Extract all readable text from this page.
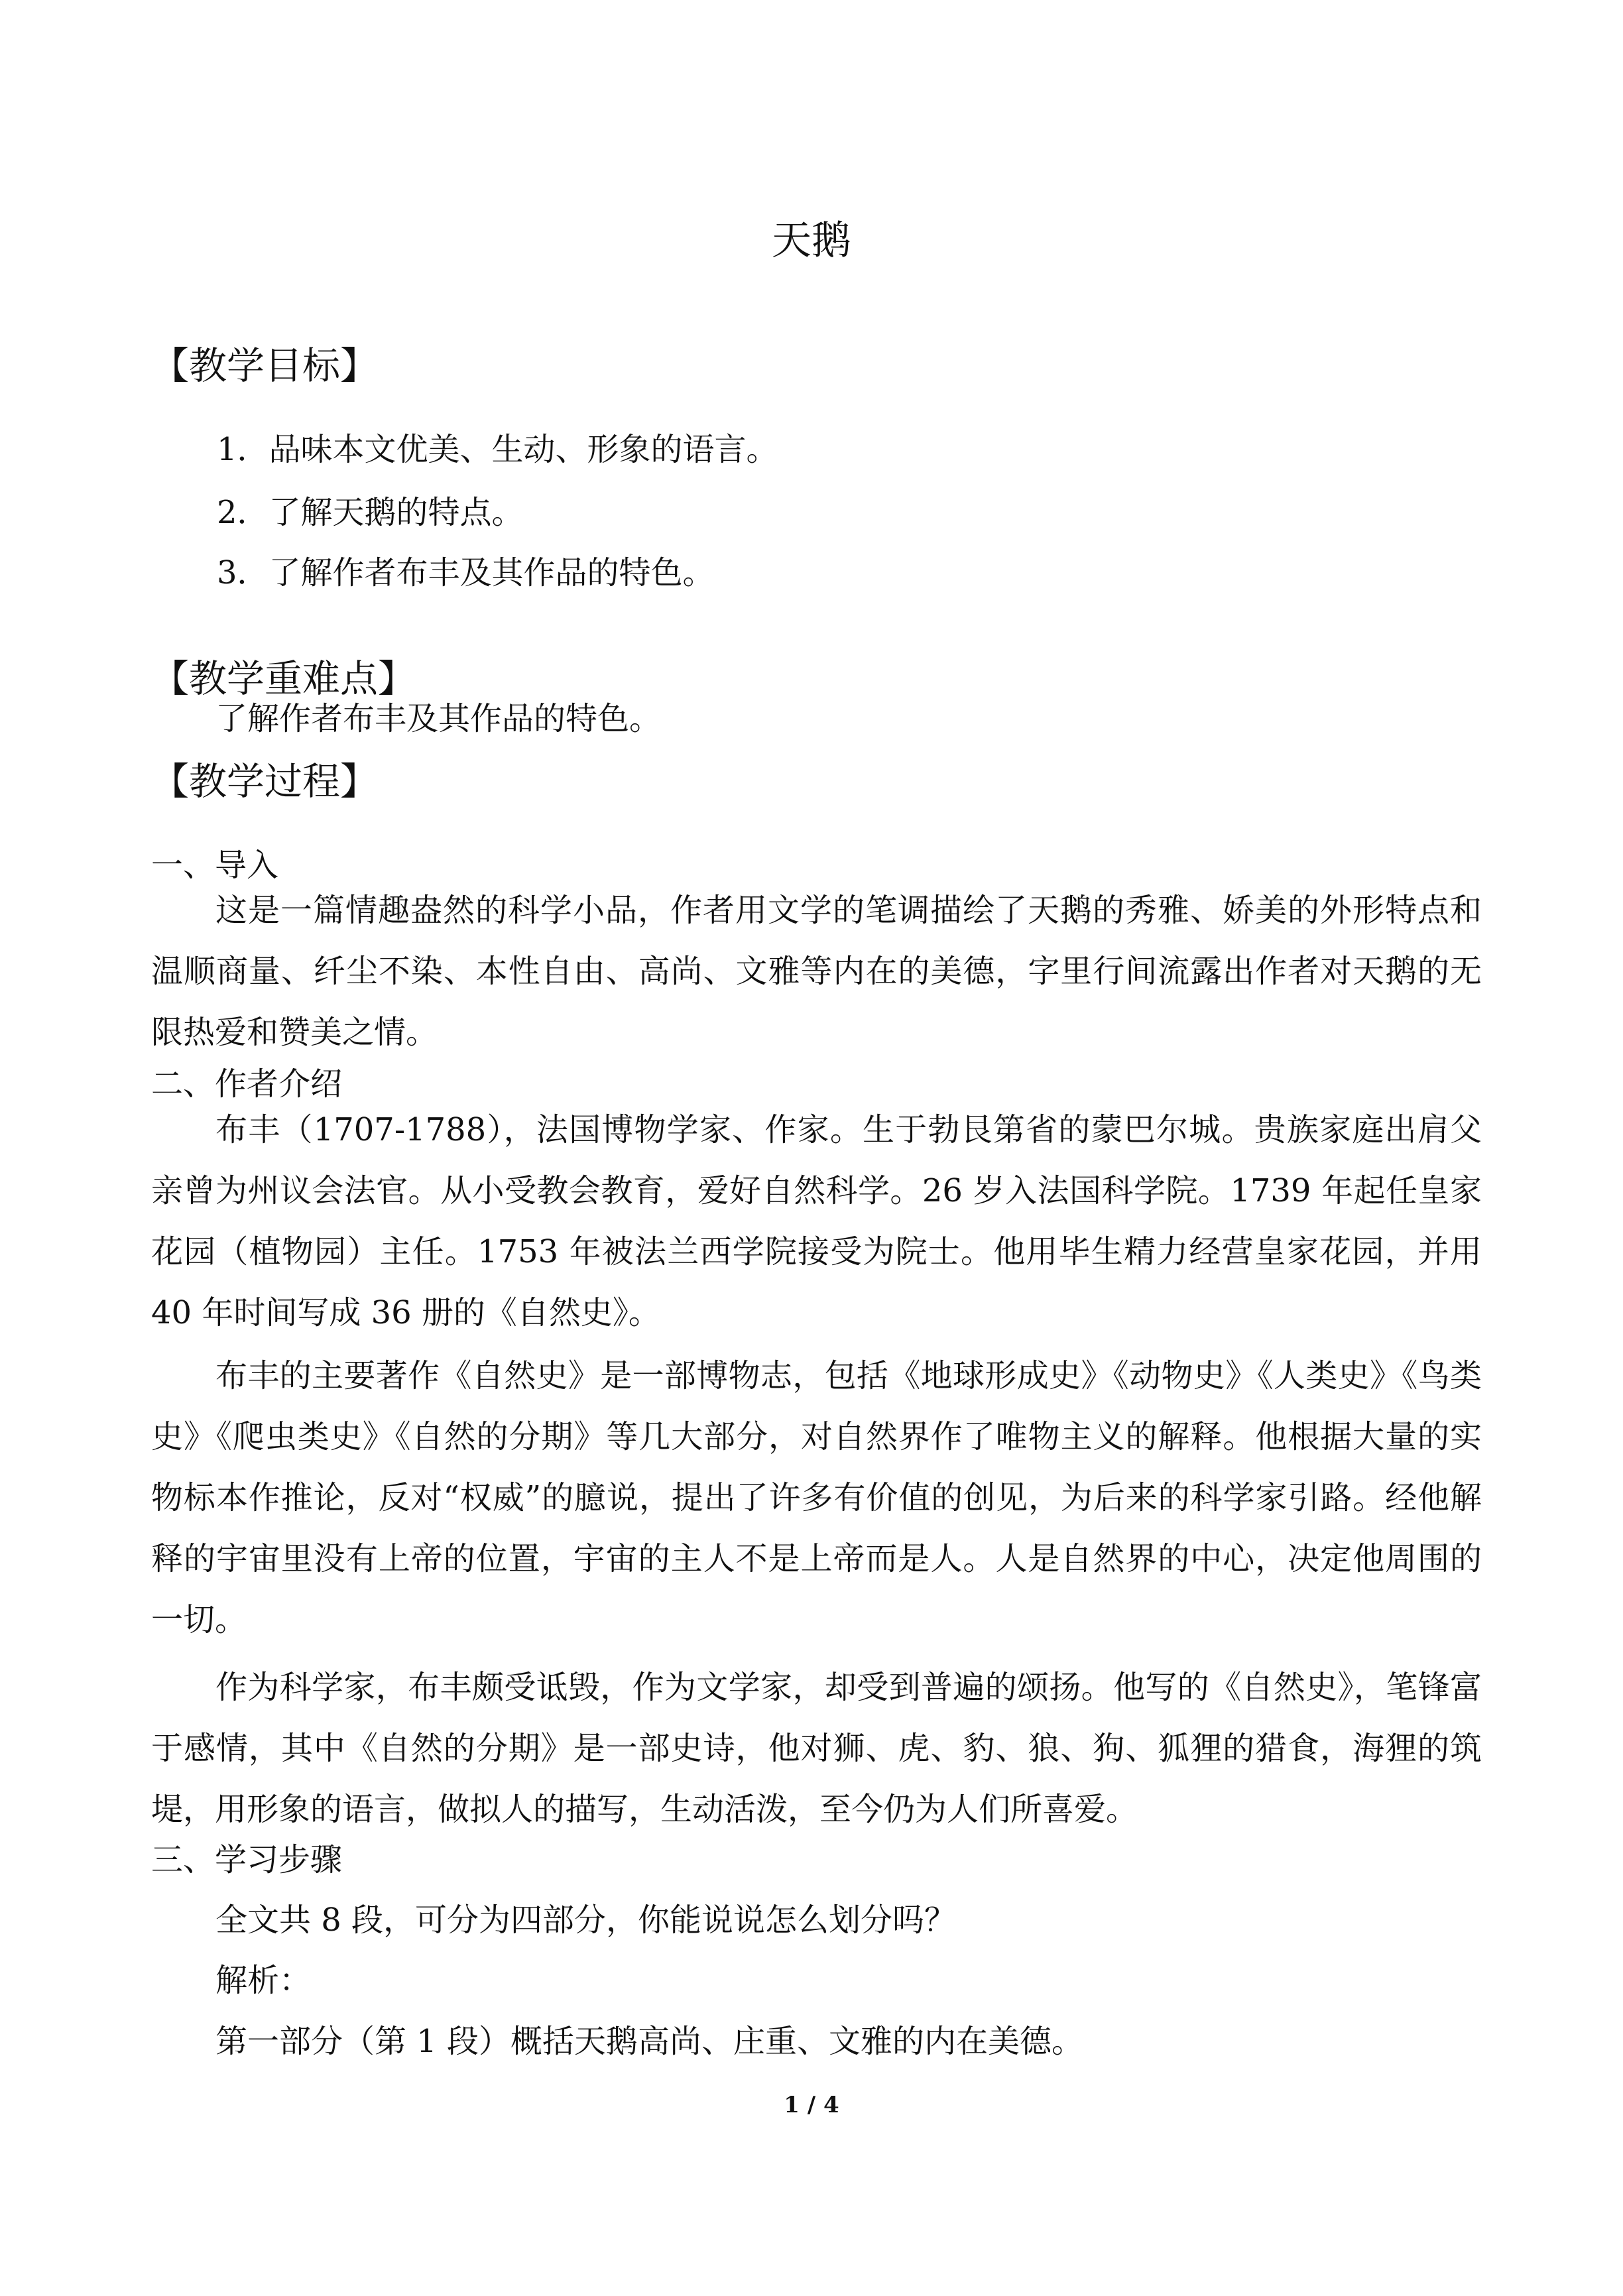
天鹅
【教学目标】
1．品味本文优美、生动、形象的语言。
2．了解天鹅的特点。
3．了解作者布丰及其作品的特色。
【教学重难点】
了解作者布丰及其作品的特色。
【教学过程】
一、导入

这是一篇情趣盎然的科学小品，作者用文学的笔调描绘了天鹅的秀雅、娇美的外形特点和温顺商量、纤尘不染、本性自由、高尚、文雅等内在的美德，字里行间流露出作者对天鹅的无限热爱和赞美之情。

二、作者介绍

布丰（1707-1788），法国博物学家、作家。生于勃艮第省的蒙巴尔城。贵族家庭出肩父亲曾为州议会法官。从小受教会教育，爱好自然科学。26 岁入法国科学院。1739 年起任皇家花园（植物园）主任。1753 年被法兰西学院接受为院士。他用毕生精力经营皇家花园，并用 40 年时间写成 36 册的《自然史》。

布丰的主要著作《自然史》是一部博物志，包括《地球形成史》《动物史》《人类史》《鸟类史》《爬虫类史》《自然的分期》等几大部分，对自然界作了唯物主义的解释。他根据大量的实物标本作推论，反对“权威”的臆说，提出了许多有价值的创见，为后来的科学家引路。经他解释的宇宙里没有上帝的位置，宇宙的主人不是上帝而是人。人是自然界的中心，决定他周围的一切。

作为科学家，布丰颇受诋毁，作为文学家，却受到普遍的颂扬。他写的《自然史》，笔锋富于感情，其中《自然的分期》是一部史诗，他对狮、虎、豹、狼、狗、狐狸的猎食，海狸的筑堤，用形象的语言，做拟人的描写，生动活泼，至今仍为人们所喜爱。

三、学习步骤
全文共 8 段，可分为四部分，你能说说怎么划分吗？
解析：
第一部分（第 1 段）概括天鹅高尚、庄重、文雅的内在美德。
1 / 4
